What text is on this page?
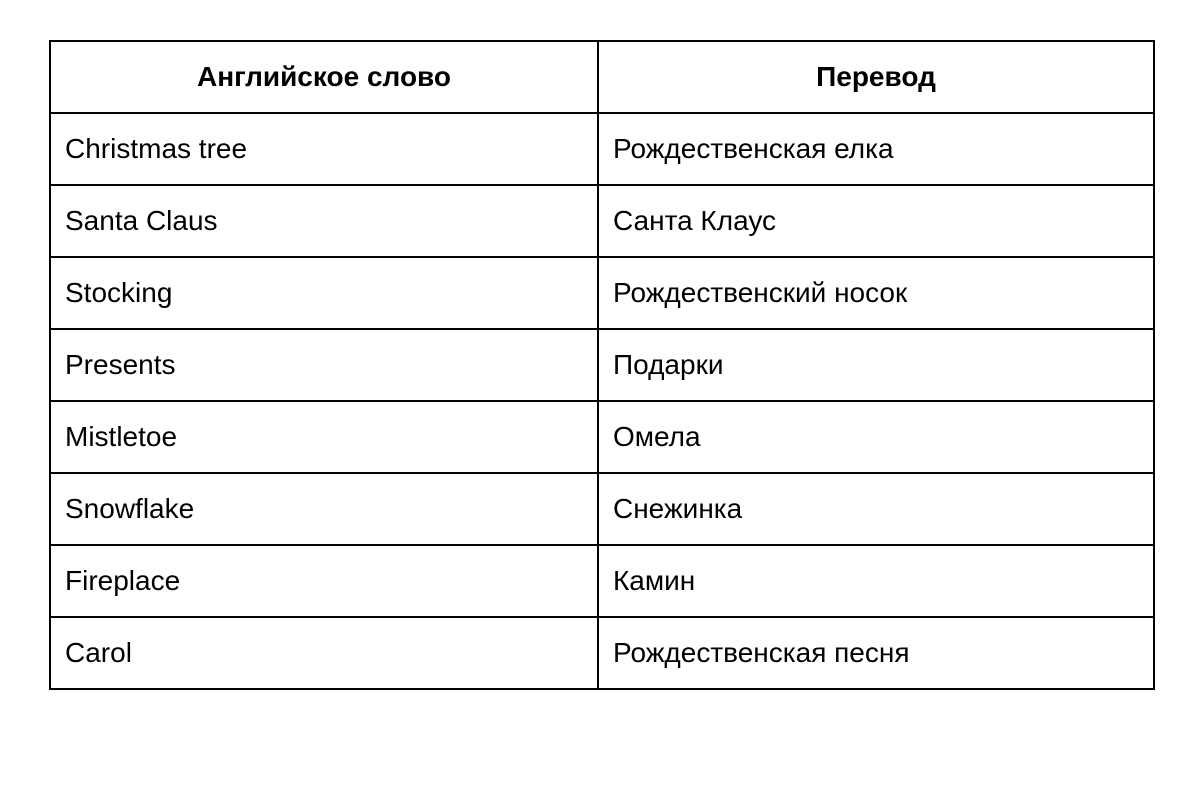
Английское слово	Перевод
Christmas tree	Рождественская елка
Santa Claus	Санта Клаус
Stocking	Рождественский носок
Presents	Подарки
Mistletoe	Омела
Snowflake	Снежинка
Fireplace	Камин
Carol	Рождественская песня
